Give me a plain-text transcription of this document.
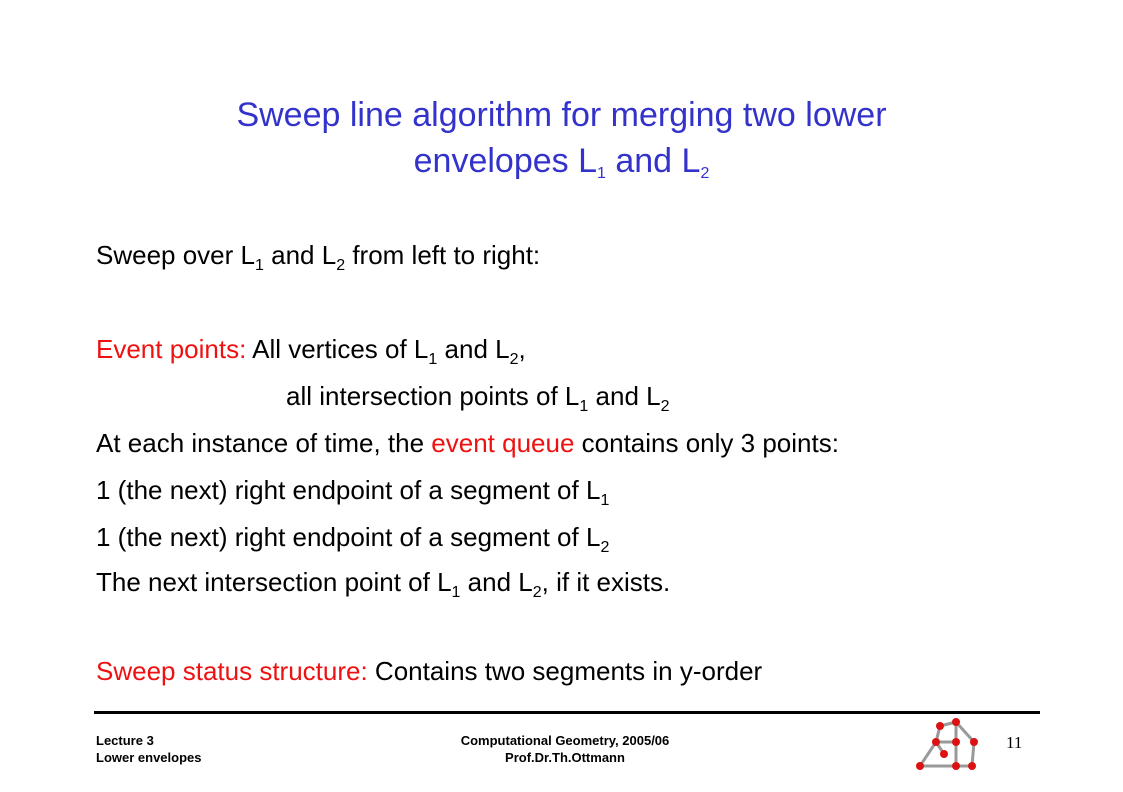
Sweep line algorithm for merging two lower
envelopes $L_1$ and $L_2$
Sweep over $L_1$ and $L_2$ from left to right:
Event points: All vertices of $L_1$ and $L_2$,
all intersection points of $L_1$ and $L_2$
At each instance of time, the event queue contains only 3 points:
1 (the next) right endpoint of a segment of $L_1$
1 (the next) right endpoint of a segment of $L_2$
The next intersection point of $L_1$ and $L_2$, if it exists.
Sweep status structure: Contains two segments in y-order
Lecture 3
Lower envelopes
Computational Geometry, 2005/06
Prof.Dr.Th.Ottmann
11
